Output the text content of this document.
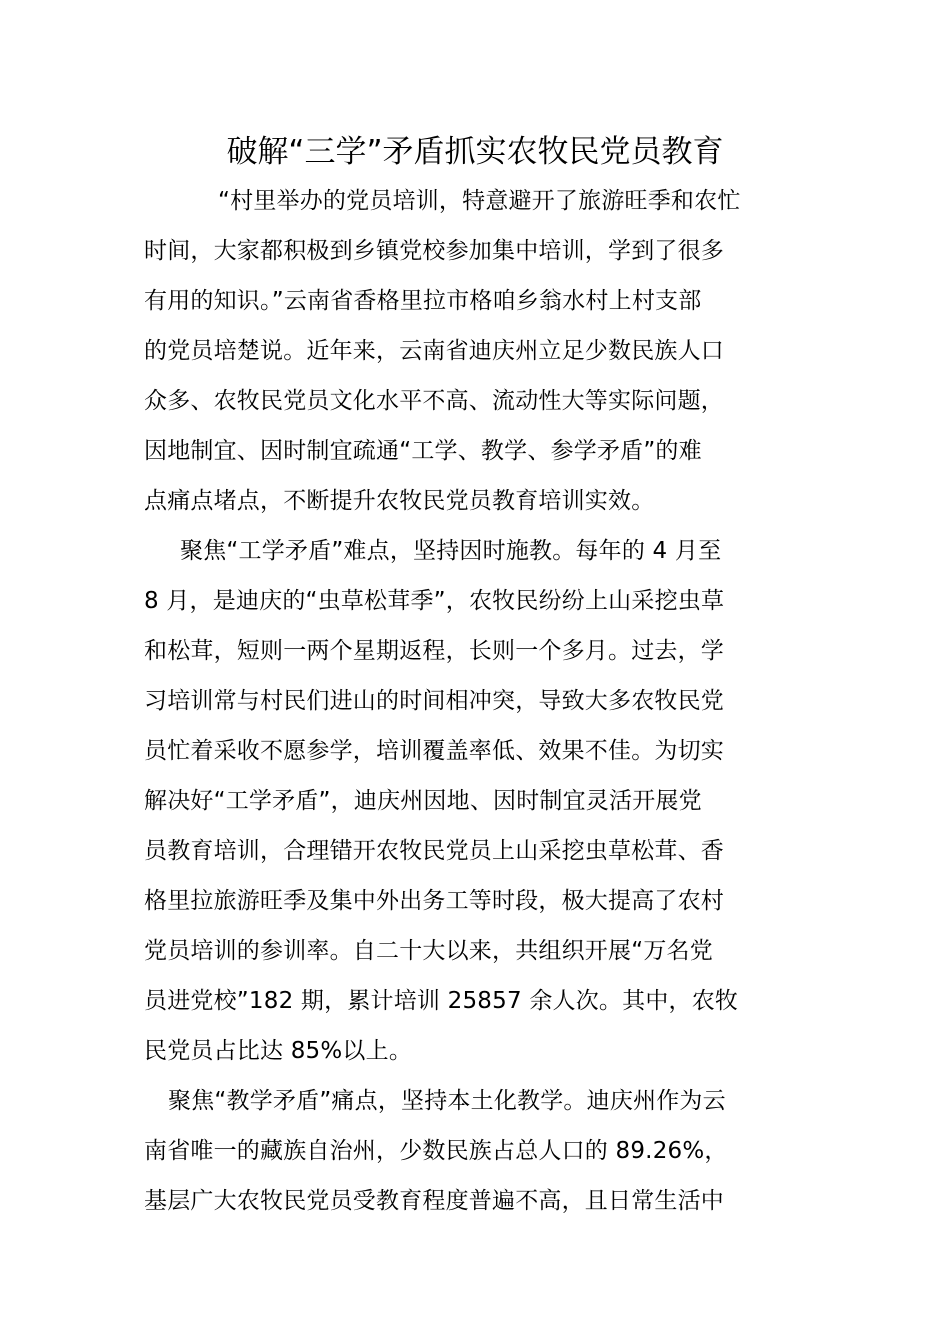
破解“三学”矛盾抓实农牧民党员教育
“村里举办的党员培训，特意避开了旅游旺季和农忙
时间，大家都积极到乡镇党校参加集中培训，学到了很多
有用的知识。”云南省香格里拉市格咱乡翁水村上村支部
的党员培楚说。近年来，云南省迪庆州立足少数民族人口
众多、农牧民党员文化水平不高、流动性大等实际问题，
因地制宜、因时制宜疏通“工学、教学、参学矛盾”的难
点痛点堵点，不断提升农牧民党员教育培训实效。
聚焦“工学矛盾”难点，坚持因时施教。每年的 4 月至
8 月，是迪庆的“虫草松茸季”，农牧民纷纷上山采挖虫草
和松茸，短则一两个星期返程，长则一个多月。过去，学
习培训常与村民们进山的时间相冲突，导致大多农牧民党
员忙着采收不愿参学，培训覆盖率低、效果不佳。为切实
解决好“工学矛盾”，迪庆州因地、因时制宜灵活开展党
员教育培训，合理错开农牧民党员上山采挖虫草松茸、香
格里拉旅游旺季及集中外出务工等时段，极大提高了农村
党员培训的参训率。自二十大以来，共组织开展“万名党
员进党校”182 期，累计培训 25857 余人次。其中，农牧
民党员占比达 85%以上。
聚焦“教学矛盾”痛点，坚持本土化教学。迪庆州作为云
南省唯一的藏族自治州，少数民族占总人口的 89.26%，
基层广大农牧民党员受教育程度普遍不高，且日常生活中
